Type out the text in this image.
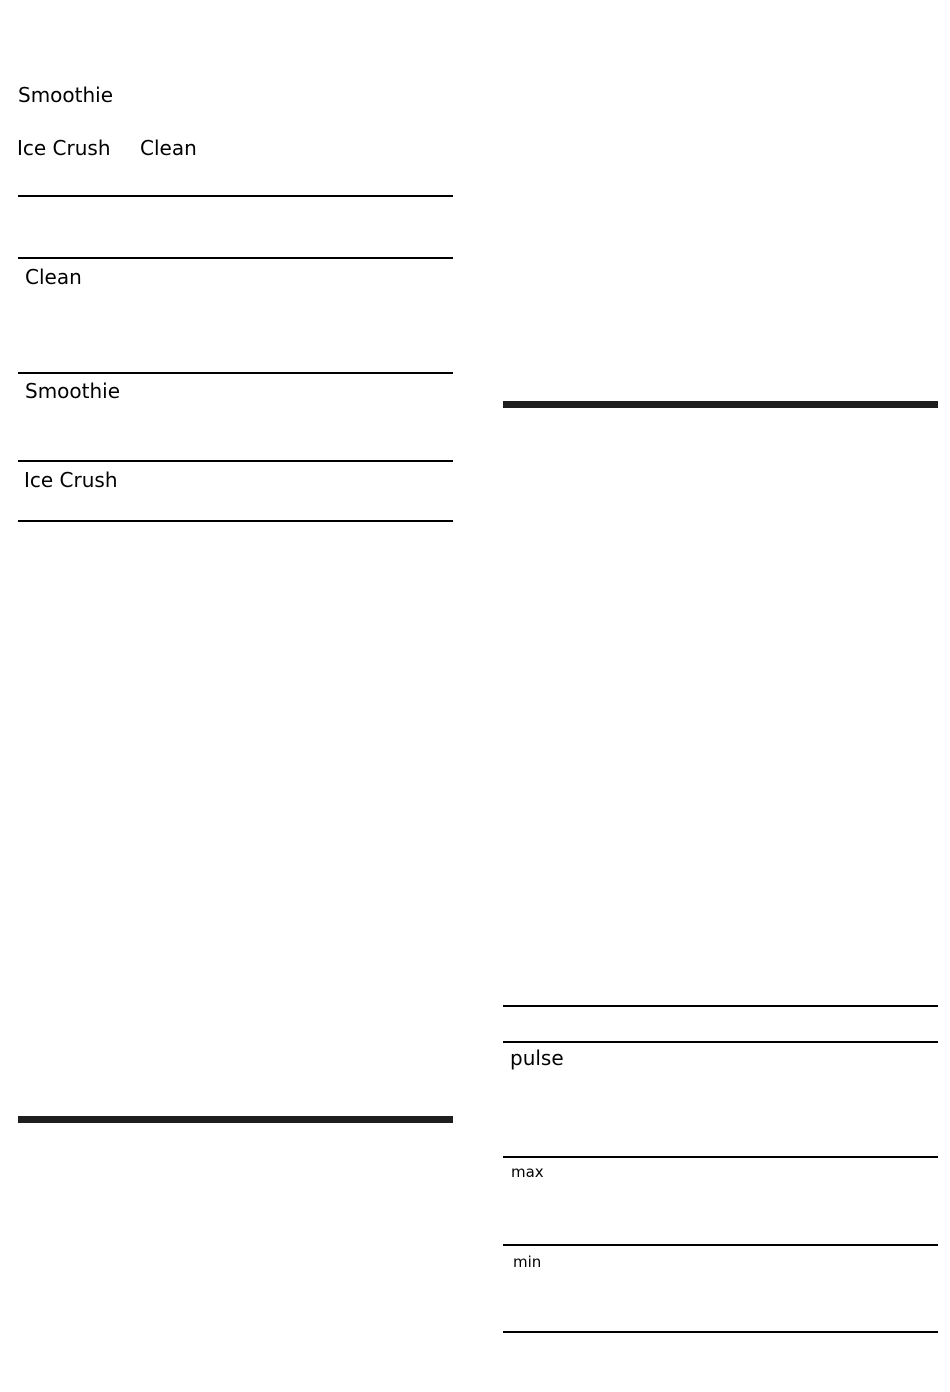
Smoothie
Ice Crush Clean
Clean
Smoothie
Ice Crush
pulse
max
min
